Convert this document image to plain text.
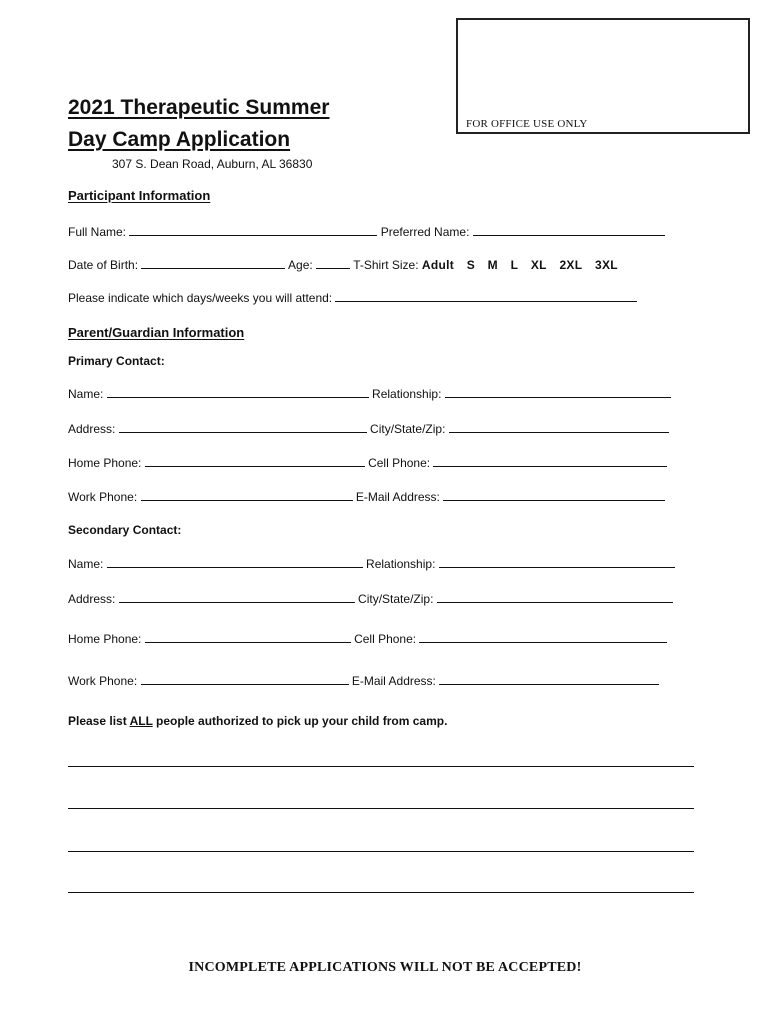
FOR OFFICE USE ONLY
2021 Therapeutic Summer
Day Camp Application
307 S. Dean Road, Auburn, AL 36830
Participant Information
Full Name:	Preferred Name:
Date of Birth:	Age:	T-Shirt Size: Adult S M L XL 2XL 3XL
Please indicate which days/weeks you will attend:
Parent/Guardian Information
Primary Contact:
Name:	Relationship:
Address:	City/State/Zip:
Home Phone:	Cell Phone:
Work Phone:	E-Mail Address:
Secondary Contact:
Name:	Relationship:
Address:	City/State/Zip:
Home Phone:	Cell Phone:
Work Phone:	E-Mail Address:
Please list ALL people authorized to pick up your child from camp.
INCOMPLETE APPLICATIONS WILL NOT BE ACCEPTED!
